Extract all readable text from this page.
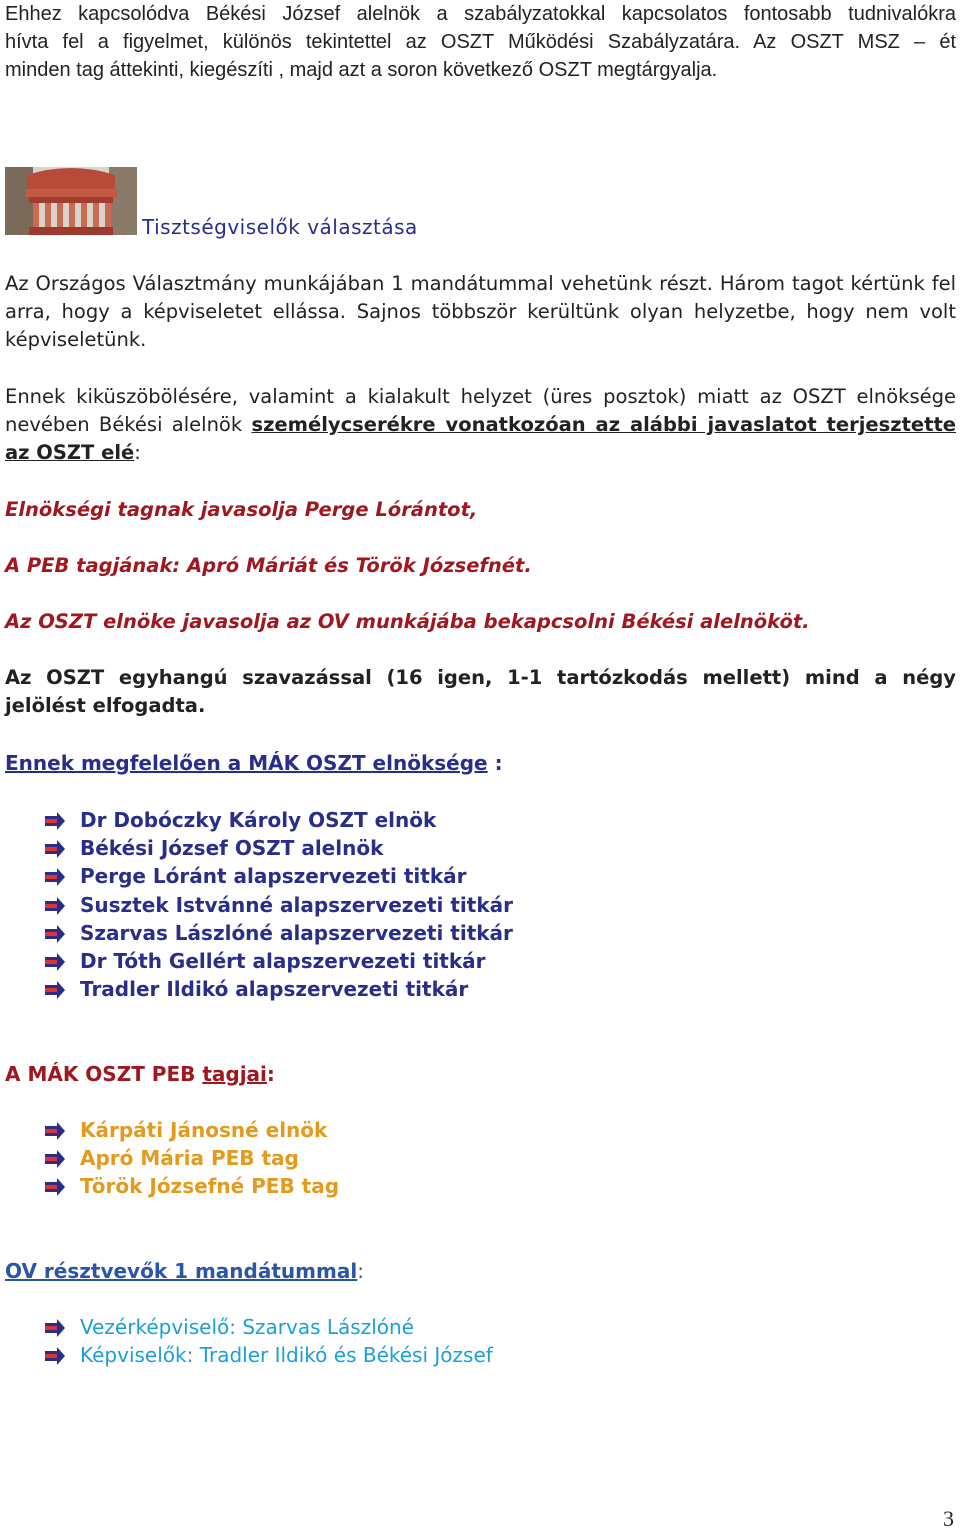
Ehhez kapcsolódva Békési József alelnök a szabályzatokkal kapcsolatos fontosabb tudnivalókra

hívta fel a figyelmet, különös tekintettel az OSZT Működési Szabályzatára. Az OSZT MSZ – ét

minden tag áttekinti, kiegészíti , majd azt a soron következő OSZT megtárgyalja.

Tisztségviselők választása

Az Országos Választmány munkájában 1 mandátummal vehetünk részt. Három tagot kértünk fel arra, hogy a képviseletet ellássa. Sajnos többször kerültünk olyan helyzetbe, hogy nem volt képviseletünk.

Ennek kiküszöbölésére, valamint a kialakult helyzet (üres posztok) miatt az OSZT elnöksége nevében Békési alelnök személycserékre vonatkozóan az alábbi javaslatot terjesztette az OSZT elé:

Elnökségi tagnak javasolja Perge Lórántot,

A PEB tagjának: Apró Máriát és Török Józsefnét.

Az OSZT elnöke javasolja az OV munkájába bekapcsolni Békési alelnököt.

Az OSZT egyhangú szavazással (16 igen, 1-1 tartózkodás mellett) mind a négy jelölést elfogadta.

Ennek megfelelően a MÁK OSZT elnöksége :
Dr Dobóczky Károly OSZT elnök
Békési József OSZT alelnök
Perge Lóránt alapszervezeti titkár
Susztek Istvánné alapszervezeti titkár
Szarvas Lászlóné alapszervezeti titkár
Dr Tóth Gellért alapszervezeti titkár
Tradler Ildikó alapszervezeti titkár
A MÁK OSZT PEB tagjai:
Kárpáti Jánosné elnök
Apró Mária PEB tag
Török Józsefné PEB tag
OV résztvevők 1 mandátummal:
Vezérképviselő: Szarvas Lászlóné
Képviselők: Tradler Ildikó és Békési József
3
